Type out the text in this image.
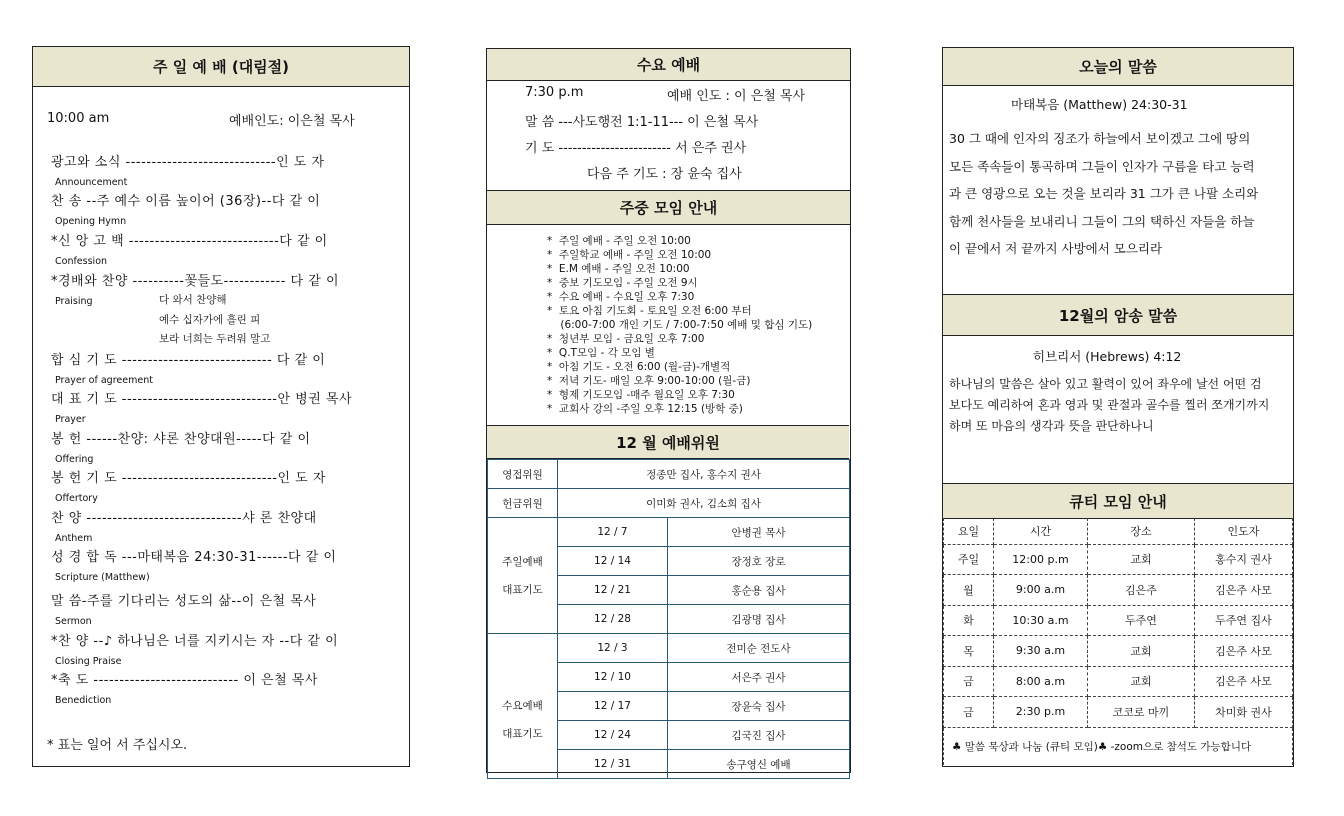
주 일 예 배 (대림절)
10:00 am	예배인도: 이은철 목사
광고와 소식 -----------------------------인 도 자
Announcement
찬 송 --주 예수 이름 높이어 (36장)--다 같 이
Opening Hymn
*신 앙 고 백 -----------------------------다 같 이
Confession
*경배와 찬양 ----------꽃들도------------ 다 같 이
Praising
합 심 기 도 ----------------------------- 다 같 이
Prayer of agreement
대 표 기 도 ------------------------------안 병권 목사
Prayer
봉 헌 ------찬양: 샤론 찬양대원-----다 같 이
Offering
봉 헌 기 도 ------------------------------인 도 자
Offertory
찬 양 ------------------------------샤 론 찬양대
Anthem
성 경 합 독 ---마태복음 24:30-31------다 같 이
Scripture (Matthew)
말 씀-주를 기다리는 성도의 삶--이 은철 목사
Sermon
*찬 양 --♪ 하나님은 너를 지키시는 자 --다 같 이
Closing Praise
*축 도 ---------------------------- 이 은철 목사
Benediction
다 와서 찬양해
예수 십자가에 흘린 피
보라 너희는 두려워 말고
* 표는 일어 서 주십시오.
수요 예배
7:30 p.m	예배 인도 : 이 은철 목사
말 씀 ---사도행전 1:1-11--- 이 은철 목사
기 도 ------------------------ 서 은주 권사
다음 주 기도 : 장 윤숙 집사
주중 모임 안내
*  주일 예배 - 주일 오전 10:00
*  주일학교 예배 - 주일 오전 10:00
*  E.M 예배 - 주일 오전 10:00
*  중보 기도모임 - 주일 오전 9시
*  수요 예배 - 수요일 오후 7:30
*  토요 아침 기도회 - 토요일 오전 6:00 부터
(6:00-7:00 개인 기도 / 7:00-7:50 예배 및 합심 기도)
*  청년부 모임 - 금요일 오후 7:00
*  Q.T모임 - 각 모임 별
*  아침 기도 - 오전 6:00 (월-금)-개별적
*  저녁 기도- 매일 오후 9:00-10:00 (월-금)
*  형제 기도모임 -매주 월요일 오후 7:30
*  교회사 강의 -주일 오후 12:15 (방학 중)
12 월 예배위원
영접위원	정종만 집사, 홍수지 권사	
헌금위원	이미화 권사, 김소희 집사	
주일예배
대표기도	12 / 7	안병권 목사
	12 / 14	장정호 장로
	12 / 21	홍순용 집사
	12 / 28	김광명 집사
수요예배
대표기도	12 / 3	전미순 전도사
	12 / 10	서은주 권사
	12 / 17	장윤숙 집사
	12 / 24	김국진 집사
	12 / 31	송구영신 예배
오늘의 말씀
마태복음 (Matthew) 24:30-31
30 그 때에 인자의 징조가 하늘에서 보이겠고 그에 땅의
모든 족속들이 통곡하며 그들이 인자가 구름을 타고 능력
과 큰 영광으로 오는 것을 보리라 31 그가 큰 나팔 소리와
함께 천사들을 보내리니 그들이 그의 택하신 자들을 하늘
이 끝에서 저 끝까지 사방에서 모으리라
12월의 암송 말씀
히브리서 (Hebrews) 4:12
하나님의 말씀은 살아 있고 활력이 있어 좌우에 날선 어떤 검
보다도 예리하여 혼과 영과 및 관절과 골수를 찔러 쪼개기까지
하며 또 마음의 생각과 뜻을 판단하나니
큐티 모임 안내
요일	시간	장소	인도자
주일	12:00 p.m	교회	홍수지 권사
월	9:00 a.m	김은주	김은주 사모
화	10:30 a.m	두주연	두주연 집사
목	9:30 a.m	교회	김은주 사모
금	8:00 a.m	교회	김은주 사모
금	2:30 p.m	코코로 마끼	차미화 권사
♣ 말씀 묵상과 나눔 (큐티 모임)♣ -zoom으로 참석도 가능합니다			
